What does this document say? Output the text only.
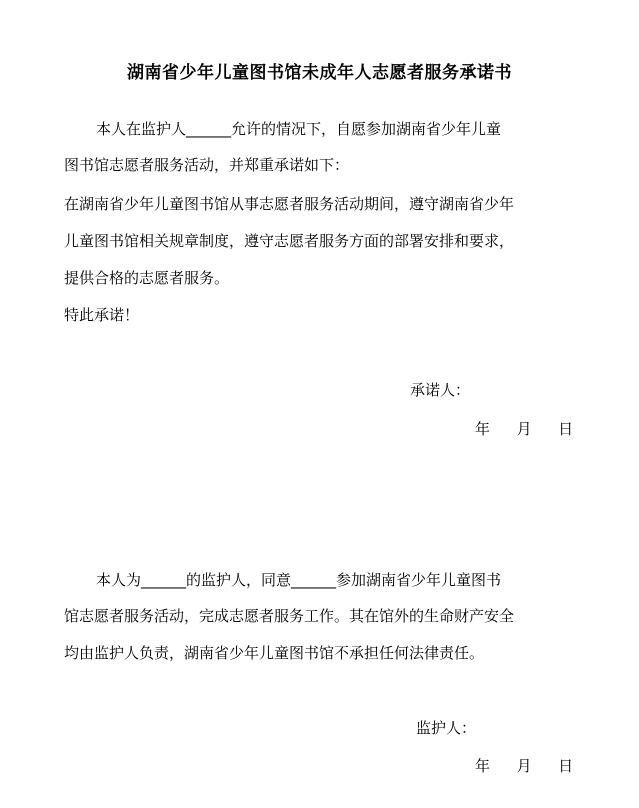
湖南省少年儿童图书馆未成年人志愿者服务承诺书
本人在监护人______允许的情况下，自愿参加湖南省少年儿童
图书馆志愿者服务活动，并郑重承诺如下：
在湖南省少年儿童图书馆从事志愿者服务活动期间，遵守湖南省少年
儿童图书馆相关规章制度，遵守志愿者服务方面的部署安排和要求，
提供合格的志愿者服务。
特此承诺！
承诺人：
年 月 日
本人为______的监护人，同意______参加湖南省少年儿童图书
馆志愿者服务活动，完成志愿者服务工作。其在馆外的生命财产安全
均由监护人负责，湖南省少年儿童图书馆不承担任何法律责任。
监护人：
年 月 日
